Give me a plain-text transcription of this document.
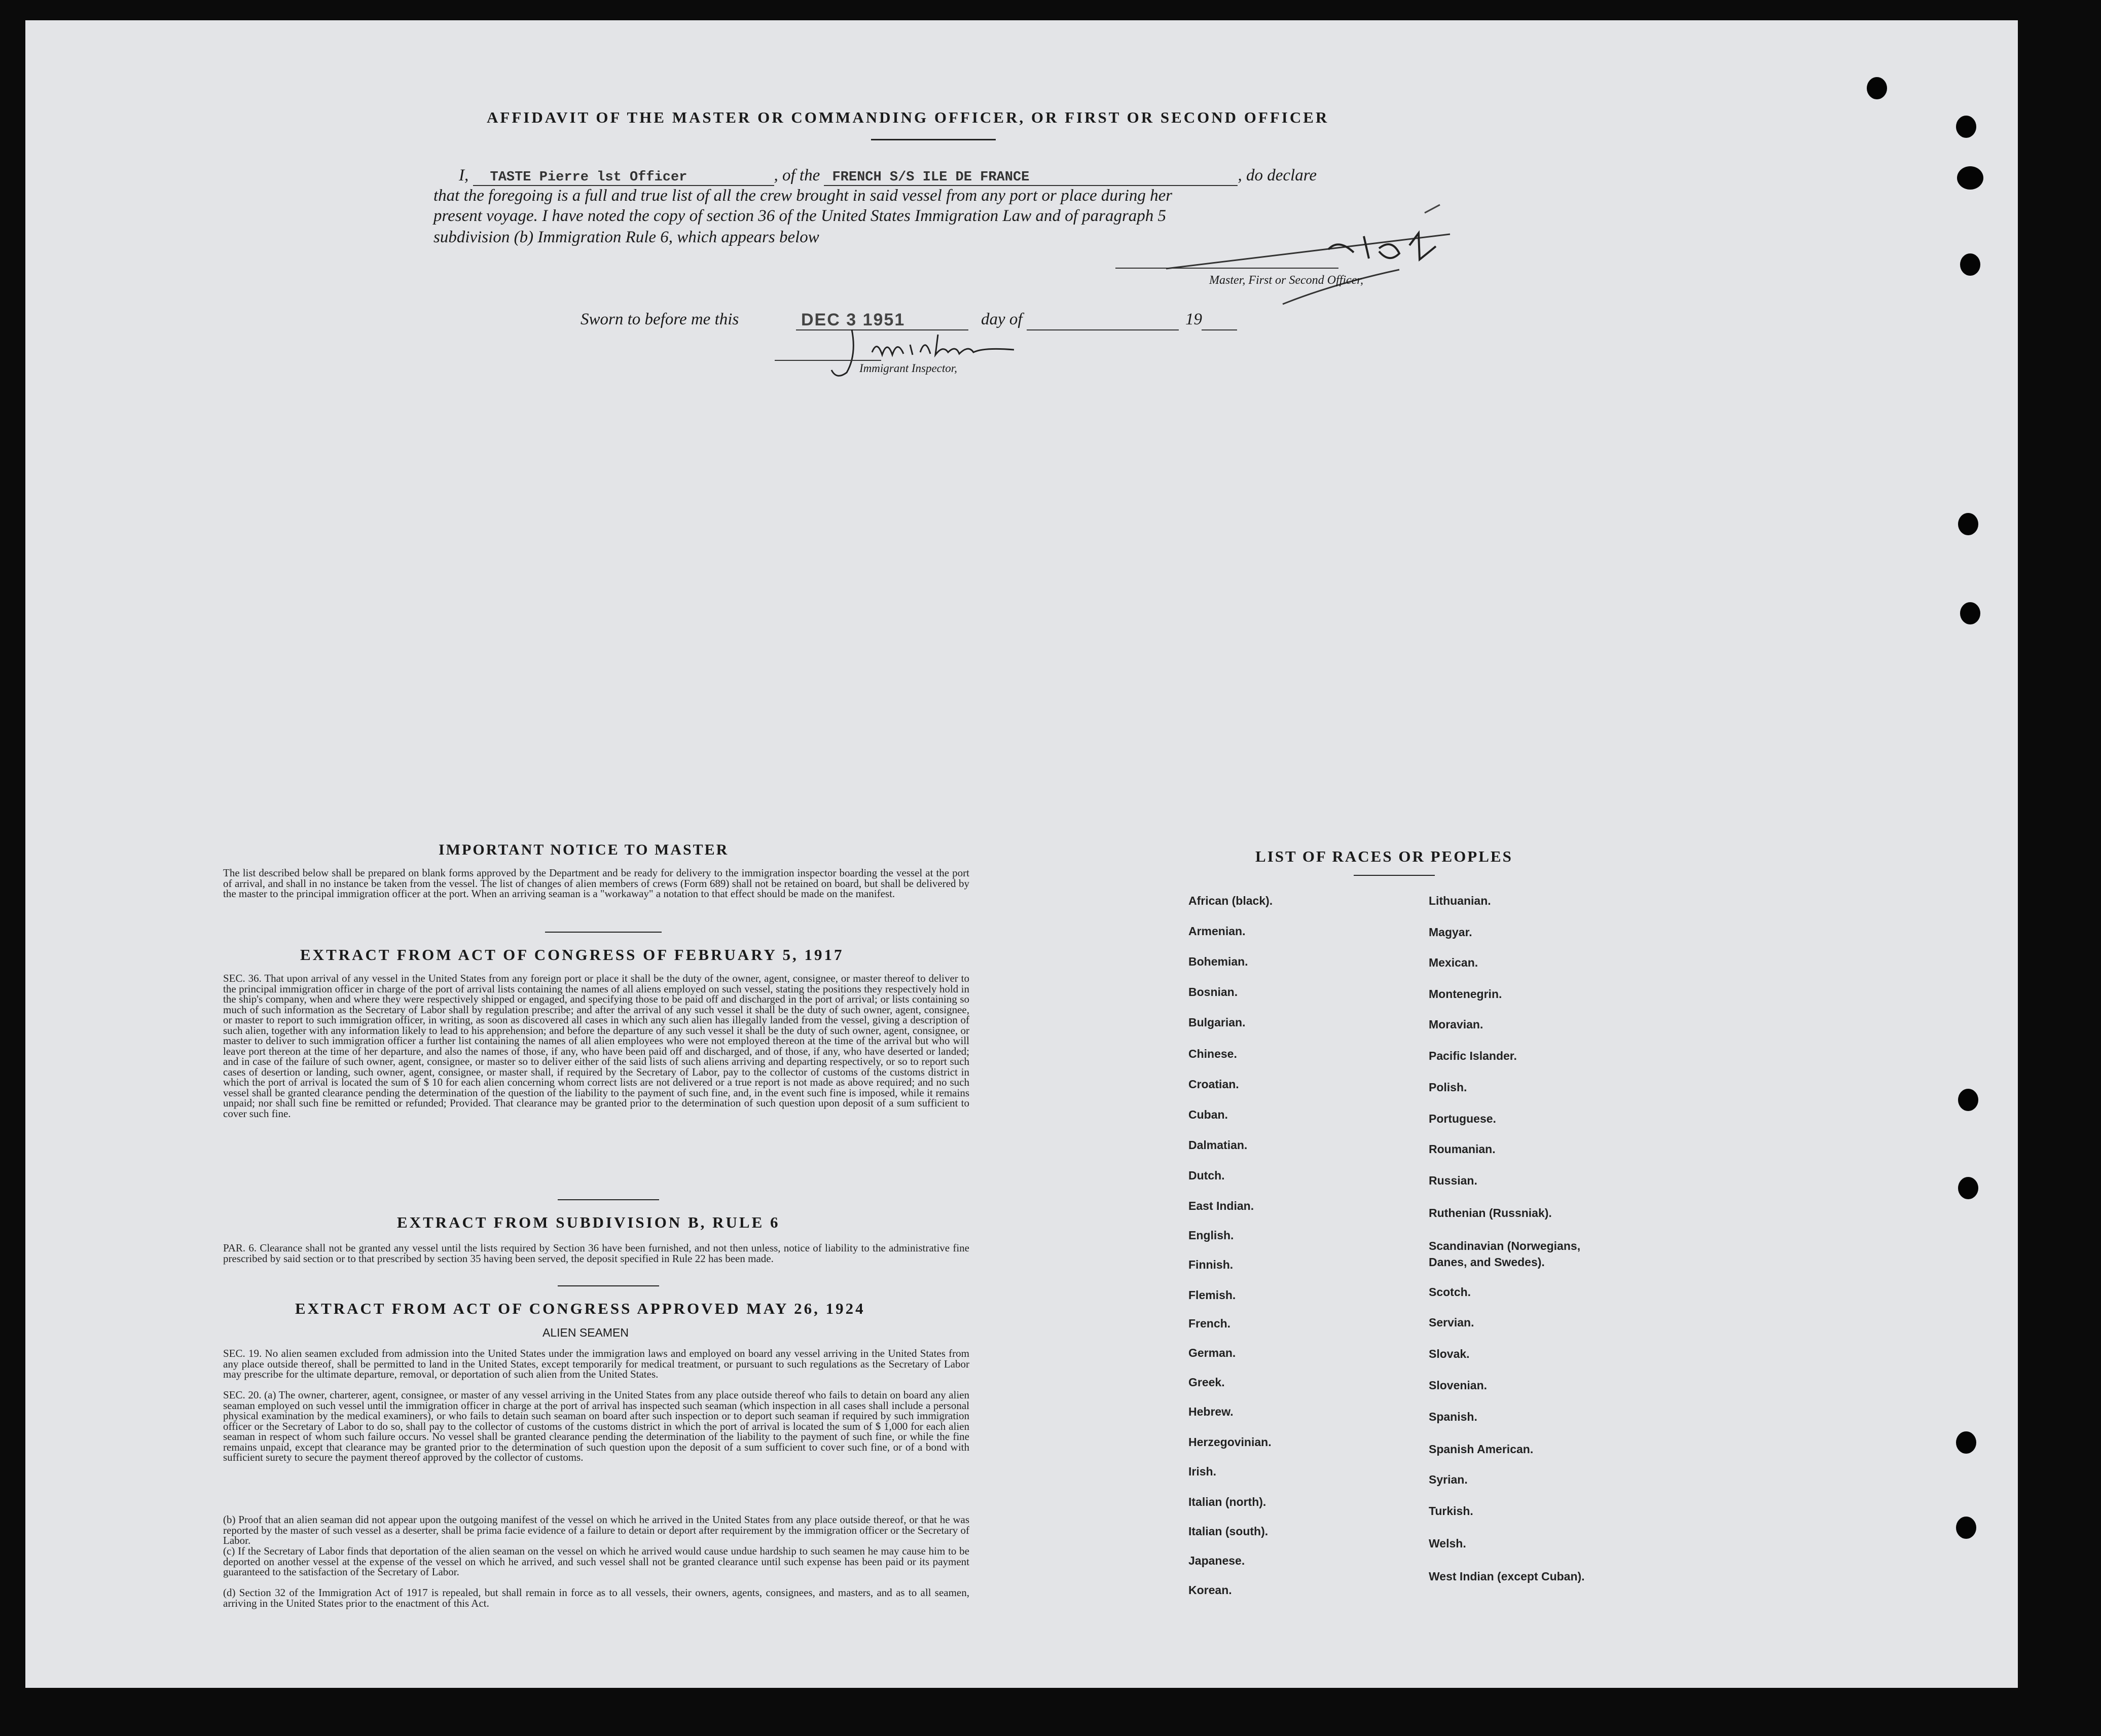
AFFIDAVIT OF THE MASTER OR COMMANDING OFFICER, OR FIRST OR SECOND OFFICER
I, TASTE Pierre lst Officer	, of the FRENCH S/S ILE DE FRANCE	, do declare
that the foregoing is a full and true list of all the crew brought in said vessel from any port or place during her
present voyage. I have noted the copy of section 36 of the United States Immigration Law and of paragraph 5
subdivision (b) Immigration Rule 6, which appears below
Master, First or Second Officer,
Sworn to before me this	DEC 3 1951	day of	19
Immigrant Inspector,
IMPORTANT NOTICE TO MASTER
The list described below shall be prepared on blank forms approved by the Department and be ready for delivery to the immigration inspector boarding the vessel at the port of arrival, and shall in no instance be taken from the vessel. The list of changes of alien members of crews (Form 689) shall not be retained on board, but shall be delivered by the master to the principal immigration officer at the port. When an arriving seaman is a "workaway" a notation to that effect should be made on the manifest.
EXTRACT FROM ACT OF CONGRESS OF FEBRUARY 5, 1917
SEC. 36. That upon arrival of any vessel in the United States from any foreign port or place it shall be the duty of the owner, agent, consignee, or master thereof to deliver to the principal immigration officer in charge of the port of arrival lists containing the names of all aliens employed on such vessel, stating the positions they respectively hold in the ship's company, when and where they were respectively shipped or engaged, and specifying those to be paid off and discharged in the port of arrival; or lists containing so much of such information as the Secretary of Labor shall by regulation prescribe; and after the arrival of any such vessel it shall be the duty of such owner, agent, consignee, or master to report to such immigration officer, in writing, as soon as discovered all cases in which any such alien has illegally landed from the vessel, giving a description of such alien, together with any information likely to lead to his apprehension; and before the departure of any such vessel it shall be the duty of such owner, agent, consignee, or master to deliver to such immigration officer a further list containing the names of all alien employees who were not employed thereon at the time of the arrival but who will leave port thereon at the time of her departure, and also the names of those, if any, who have been paid off and discharged, and of those, if any, who have deserted or landed; and in case of the failure of such owner, agent, consignee, or master so to deliver either of the said lists of such aliens arriving and departing respectively, or so to report such cases of desertion or landing, such owner, agent, consignee, or master shall, if required by the Secretary of Labor, pay to the collector of customs of the customs district in which the port of arrival is located the sum of $ 10 for each alien concerning whom correct lists are not delivered or a true report is not made as above required; and no such vessel shall be granted clearance pending the determination of the question of the liability to the payment of such fine, and, in the event such fine is imposed, while it remains unpaid; nor shall such fine be remitted or refunded; Provided. That clearance may be granted prior to the determination of such question upon deposit of a sum sufficient to cover such fine.
EXTRACT FROM SUBDIVISION B, RULE 6
PAR. 6. Clearance shall not be granted any vessel until the lists required by Section 36 have been furnished, and not then unless, notice of liability to the administrative fine prescribed by said section or to that prescribed by section 35 having been served, the deposit specified in Rule 22 has been made.
EXTRACT FROM ACT OF CONGRESS APPROVED MAY 26, 1924
ALIEN SEAMEN
SEC. 19. No alien seamen excluded from admission into the United States under the immigration laws and employed on board any vessel arriving in the United States from any place outside thereof, shall be permitted to land in the United States, except temporarily for medical treatment, or pursuant to such regulations as the Secretary of Labor may prescribe for the ultimate departure, removal, or deportation of such alien from the United States.
SEC. 20. (a) The owner, charterer, agent, consignee, or master of any vessel arriving in the United States from any place outside thereof who fails to detain on board any alien seaman employed on such vessel until the immigration officer in charge at the port of arrival has inspected such seaman (which inspection in all cases shall include a personal physical examination by the medical examiners), or who fails to detain such seaman on board after such inspection or to deport such seaman if required by such immigration officer or the Secretary of Labor to do so, shall pay to the collector of customs of the customs district in which the port of arrival is located the sum of $ 1,000 for each alien seaman in respect of whom such failure occurs. No vessel shall be granted clearance pending the determination of the liability to the payment of such fine, or while the fine remains unpaid, except that clearance may be granted prior to the determination of such question upon the deposit of a sum sufficient to cover such fine, or of a bond with sufficient surety to secure the payment thereof approved by the collector of customs.
(b) Proof that an alien seaman did not appear upon the outgoing manifest of the vessel on which he arrived in the United States from any place outside thereof, or that he was reported by the master of such vessel as a deserter, shall be prima facie evidence of a failure to detain or deport after requirement by the immigration officer or the Secretary of Labor.
(c) If the Secretary of Labor finds that deportation of the alien seaman on the vessel on which he arrived would cause undue hardship to such seamen he may cause him to be deported on another vessel at the expense of the vessel on which he arrived, and such vessel shall not be granted clearance until such expense has been paid or its payment guaranteed to the satisfaction of the Secretary of Labor.
(d) Section 32 of the Immigration Act of 1917 is repealed, but shall remain in force as to all vessels, their owners, agents, consignees, and masters, and as to all seamen, arriving in the United States prior to the enactment of this Act.
LIST OF RACES OR PEOPLES
African (black).
Armenian.
Bohemian.
Bosnian.
Bulgarian.
Chinese.
Croatian.
Cuban.
Dalmatian.
Dutch.
East Indian.
English.
Finnish.
Flemish.
French.
German.
Greek.
Hebrew.
Herzegovinian.
Irish.
Italian (north).
Italian (south).
Japanese.
Korean.
Lithuanian.
Magyar.
Mexican.
Montenegrin.
Moravian.
Pacific Islander.
Polish.
Portuguese.
Roumanian.
Russian.
Ruthenian (Russniak).
Scandinavian (Norwegians, Danes, and Swedes).
Scotch.
Servian.
Slovak.
Slovenian.
Spanish.
Spanish American.
Syrian.
Turkish.
Welsh.
West Indian (except Cuban).
